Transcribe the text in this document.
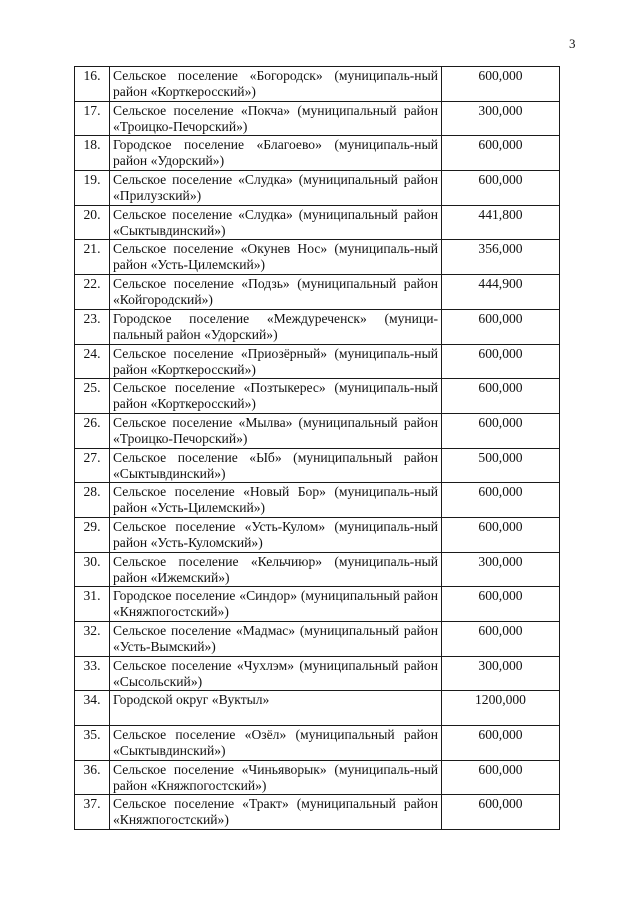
3
16.	Сельское поселение «Богородск» (муниципаль-ный район «Корткеросский»)	600,000
17.	Сельское поселение «Покча» (муниципальный район «Троицко-Печорский»)	300,000
18.	Городское поселение «Благоево» (муниципаль-ный район «Удорский»)	600,000
19.	Сельское поселение «Слудка» (муниципальный район «Прилузский»)	600,000
20.	Сельское поселение «Слудка» (муниципальный район «Сыктывдинский»)	441,800
21.	Сельское поселение «Окунев Нос» (муниципаль-ный район «Усть-Цилемский»)	356,000
22.	Сельское поселение «Подзь» (муниципальный район «Койгородский»)	444,900
23.	Городское поселение «Междуреченск» (муници-пальный район «Удорский»)	600,000
24.	Сельское поселение «Приозёрный» (муниципаль-ный район «Корткеросский»)	600,000
25.	Сельское поселение «Позтыкерес» (муниципаль-ный район «Корткеросский»)	600,000
26.	Сельское поселение «Мылва» (муниципальный район «Троицко-Печорский»)	600,000
27.	Сельское поселение «Ыб» (муниципальный район «Сыктывдинский»)	500,000
28.	Сельское поселение «Новый Бор» (муниципаль-ный район «Усть-Цилемский»)	600,000
29.	Сельское поселение «Усть-Кулом» (муниципаль-ный район «Усть-Куломский»)	600,000
30.	Сельское поселение «Кельчиюр» (муниципаль-ный район «Ижемский»)	300,000
31.	Городское поселение «Синдор» (муниципальный район «Княжпогостский»)	600,000
32.	Сельское поселение «Мадмас» (муниципальный район «Усть-Вымский»)	600,000
33.	Сельское поселение «Чухлэм» (муниципальный район «Сысольский»)	300,000
34.	Городской округ «Вуктыл»	1200,000
35.	Сельское поселение «Озёл» (муниципальный район «Сыктывдинский»)	600,000
36.	Сельское поселение «Чиньяворык» (муниципаль-ный район «Княжпогостский»)	600,000
37.	Сельское поселение «Тракт» (муниципальный район «Княжпогостский»)	600,000
